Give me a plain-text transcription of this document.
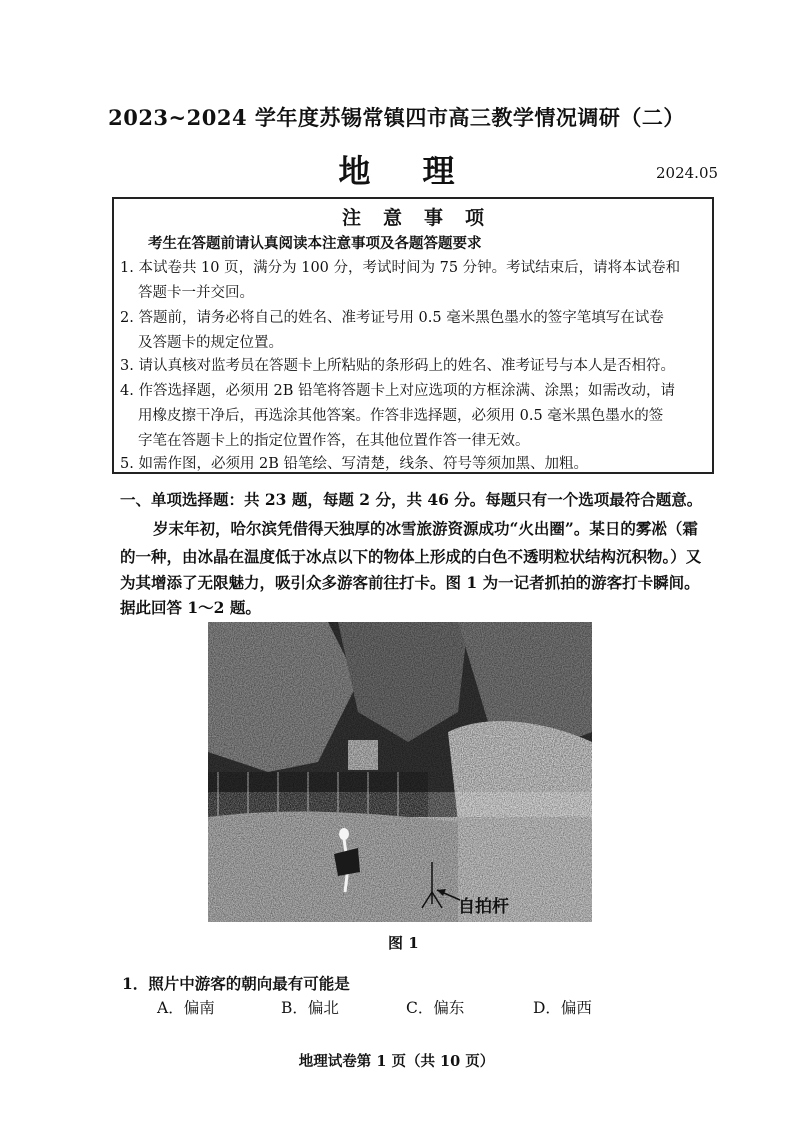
2023~2024 学年度苏锡常镇四市高三教学情况调研（二）
地理	2024.05
注意事项
考生在答题前请认真阅读本注意事项及各题答题要求
1. 本试卷共 10 页，满分为 100 分，考试时间为 75 分钟。考试结束后，请将本试卷和
答题卡一并交回。
2. 答题前，请务必将自己的姓名、准考证号用 0.5 毫米黑色墨水的签字笔填写在试卷
及答题卡的规定位置。
3. 请认真核对监考员在答题卡上所粘贴的条形码上的姓名、准考证号与本人是否相符。
4. 作答选择题，必须用 2B 铅笔将答题卡上对应选项的方框涂满、涂黑；如需改动，请
用橡皮擦干净后，再选涂其他答案。作答非选择题，必须用 0.5 毫米黑色墨水的签
字笔在答题卡上的指定位置作答，在其他位置作答一律无效。
5. 如需作图，必须用 2B 铅笔绘、写清楚，线条、符号等须加黑、加粗。
一、单项选择题：共 23 题，每题 2 分，共 46 分。每题只有一个选项最符合题意。
岁末年初，哈尔滨凭借得天独厚的冰雪旅游资源成功“火出圈”。某日的雾凇（霜
的一种，由冰晶在温度低于冰点以下的物体上形成的白色不透明粒状结构沉积物。）又
为其增添了无限魅力，吸引众多游客前往打卡。图 1 为一记者抓拍的游客打卡瞬间。
据此回答 1～2 题。
自拍杆
图 1
1．照片中游客的朝向最有可能是
A．偏南	B．偏北	C．偏东	D．偏西
地理试卷第 1 页（共 10 页）
